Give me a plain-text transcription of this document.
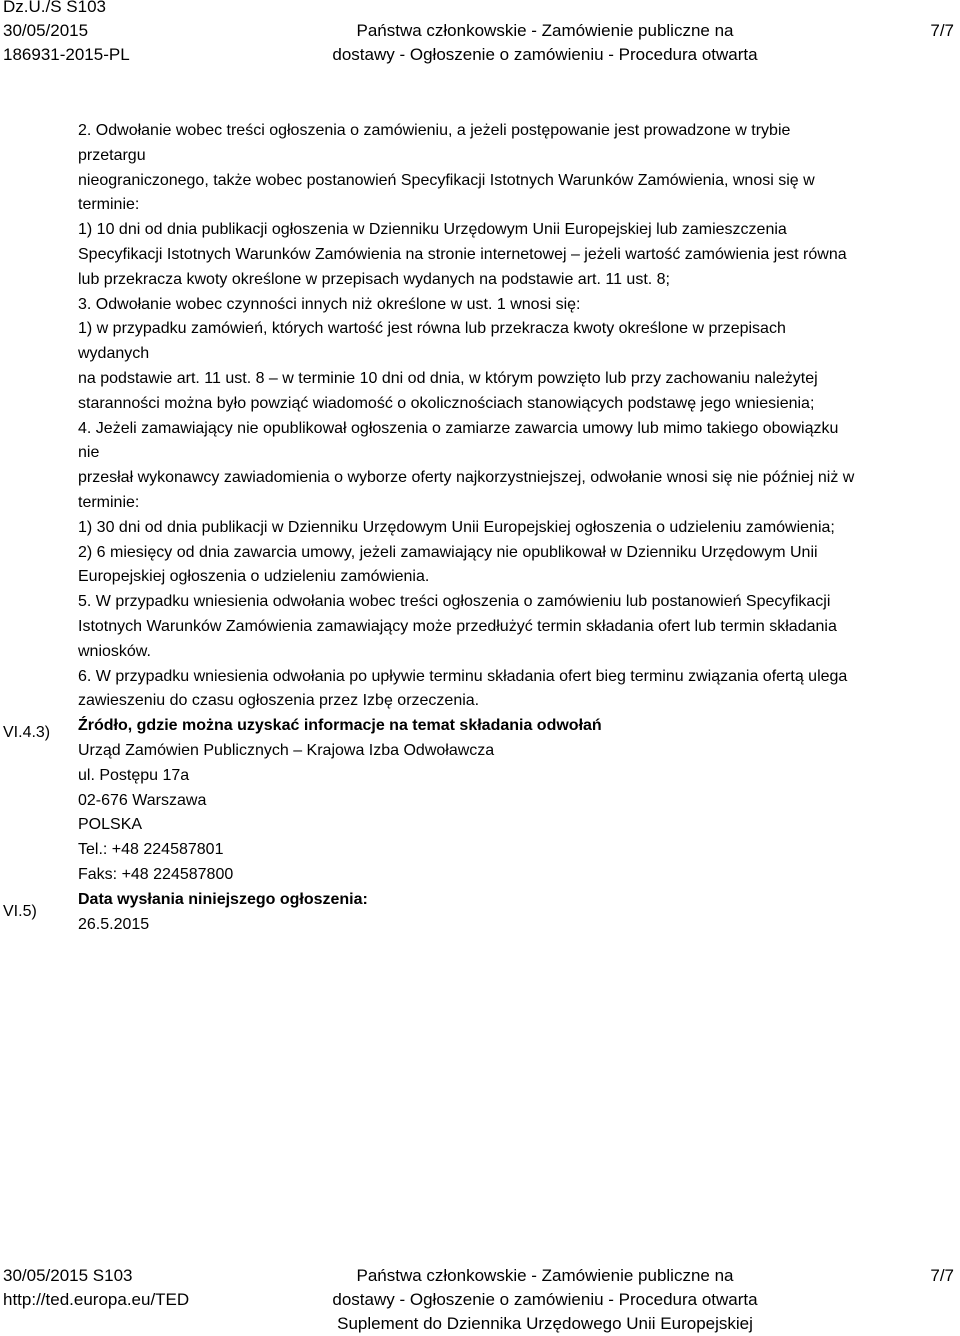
Dz.U./S S103
30/05/2015
186931-2015-PL
Państwa członkowskie - Zamówienie publiczne na
dostawy - Ogłoszenie o zamówieniu - Procedura otwarta
7/7

2. Odwołanie wobec treści ogłoszenia o zamówieniu, a jeżeli postępowanie jest prowadzone w trybie

przetargu

nieograniczonego, także wobec postanowień Specyfikacji Istotnych Warunków Zamówienia, wnosi się w

terminie:

1) 10 dni od dnia publikacji ogłoszenia w Dzienniku Urzędowym Unii Europejskiej lub zamieszczenia

Specyfikacji Istotnych Warunków Zamówienia na stronie internetowej – jeżeli wartość zamówienia jest równa

lub przekracza kwoty określone w przepisach wydanych na podstawie art. 11 ust. 8;

3. Odwołanie wobec czynności innych niż określone w ust. 1 wnosi się:

1) w przypadku zamówień, których wartość jest równa lub przekracza kwoty określone w przepisach

wydanych

na podstawie art. 11 ust. 8 – w terminie 10 dni od dnia, w którym powzięto lub przy zachowaniu należytej

staranności można było powziąć wiadomość o okolicznościach stanowiących podstawę jego wniesienia;

4. Jeżeli zamawiający nie opublikował ogłoszenia o zamiarze zawarcia umowy lub mimo takiego obowiązku

nie

przesłał wykonawcy zawiadomienia o wyborze oferty najkorzystniejszej, odwołanie wnosi się nie później niż w

terminie:

1) 30 dni od dnia publikacji w Dzienniku Urzędowym Unii Europejskiej ogłoszenia o udzieleniu zamówienia;

2) 6 miesięcy od dnia zawarcia umowy, jeżeli zamawiający nie opublikował w Dzienniku Urzędowym Unii

Europejskiej ogłoszenia o udzieleniu zamówienia.

5. W przypadku wniesienia odwołania wobec treści ogłoszenia o zamówieniu lub postanowień Specyfikacji

Istotnych Warunków Zamówienia zamawiający może przedłużyć termin składania ofert lub termin składania

wniosków.

6. W przypadku wniesienia odwołania po upływie terminu składania ofert bieg terminu związania ofertą ulega

zawieszeniu do czasu ogłoszenia przez Izbę orzeczenia.

Źródło, gdzie można uzyskać informacje na temat składania odwołań

Urząd Zamówien Publicznych – Krajowa Izba Odwoławcza

ul. Postępu 17a

02-676 Warszawa

POLSKA

Tel.: +48 224587801

Faks: +48 224587800

Data wysłania niniejszego ogłoszenia:

26.5.2015

VI.4.3)
VI.5)
30/05/2015 S103
http://ted.europa.eu/TED
Państwa członkowskie - Zamówienie publiczne na
dostawy - Ogłoszenie o zamówieniu - Procedura otwarta
Suplement do Dziennika Urzędowego Unii Europejskiej
7/7
